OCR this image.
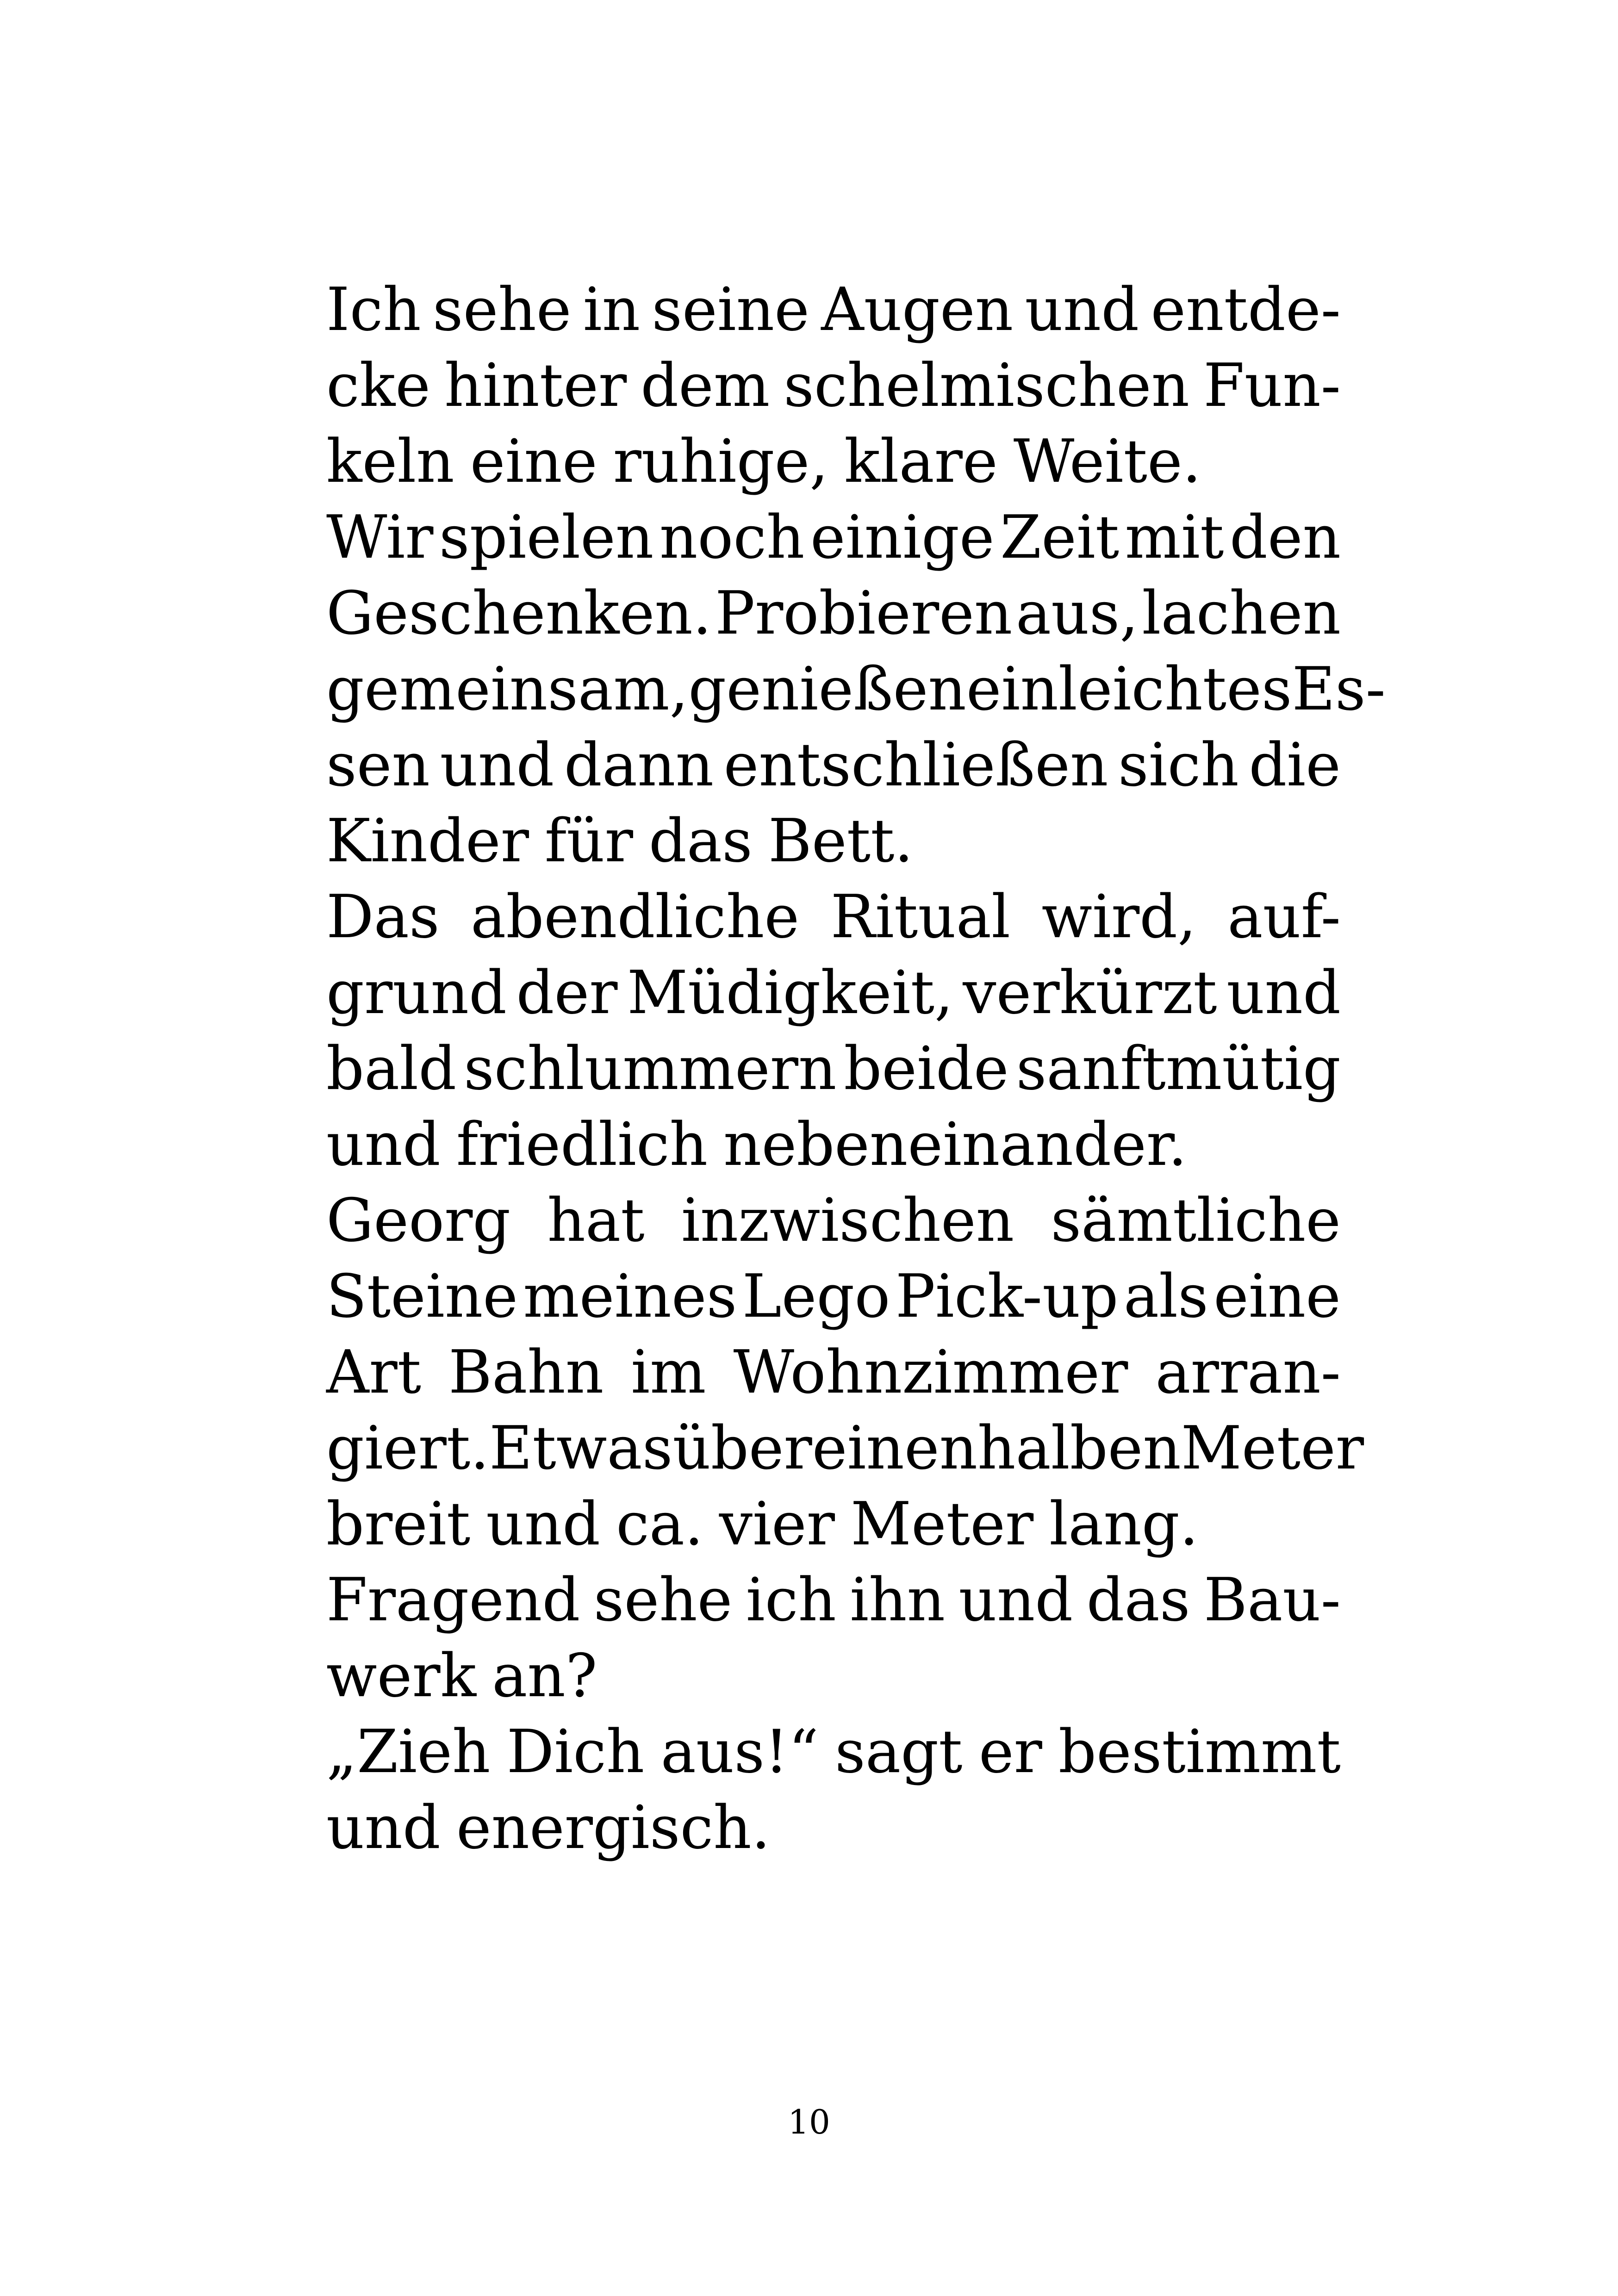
Ich sehe in seine Augen und entde-
cke hinter dem schelmischen Fun-
keln eine ruhige, klare Weite.
Wir spielen noch einige Zeit mit den
Geschenken. Probieren aus, lachen
gemeinsam, genießen ein leichtes Es-
sen und dann entschließen sich die
Kinder für das Bett.
Das abendliche Ritual wird, auf-
grund der Müdigkeit, verkürzt und
bald schlummern beide sanftmütig
und friedlich nebeneinander.
Georg hat inzwischen sämtliche
Steine meines Lego Pick-up als eine
Art Bahn im Wohnzimmer arran-
giert. Etwas über einen halben Meter
breit und ca. vier Meter lang.
Fragend sehe ich ihn und das Bau-
werk an?
„Zieh Dich aus!“ sagt er bestimmt
und energisch.
10
